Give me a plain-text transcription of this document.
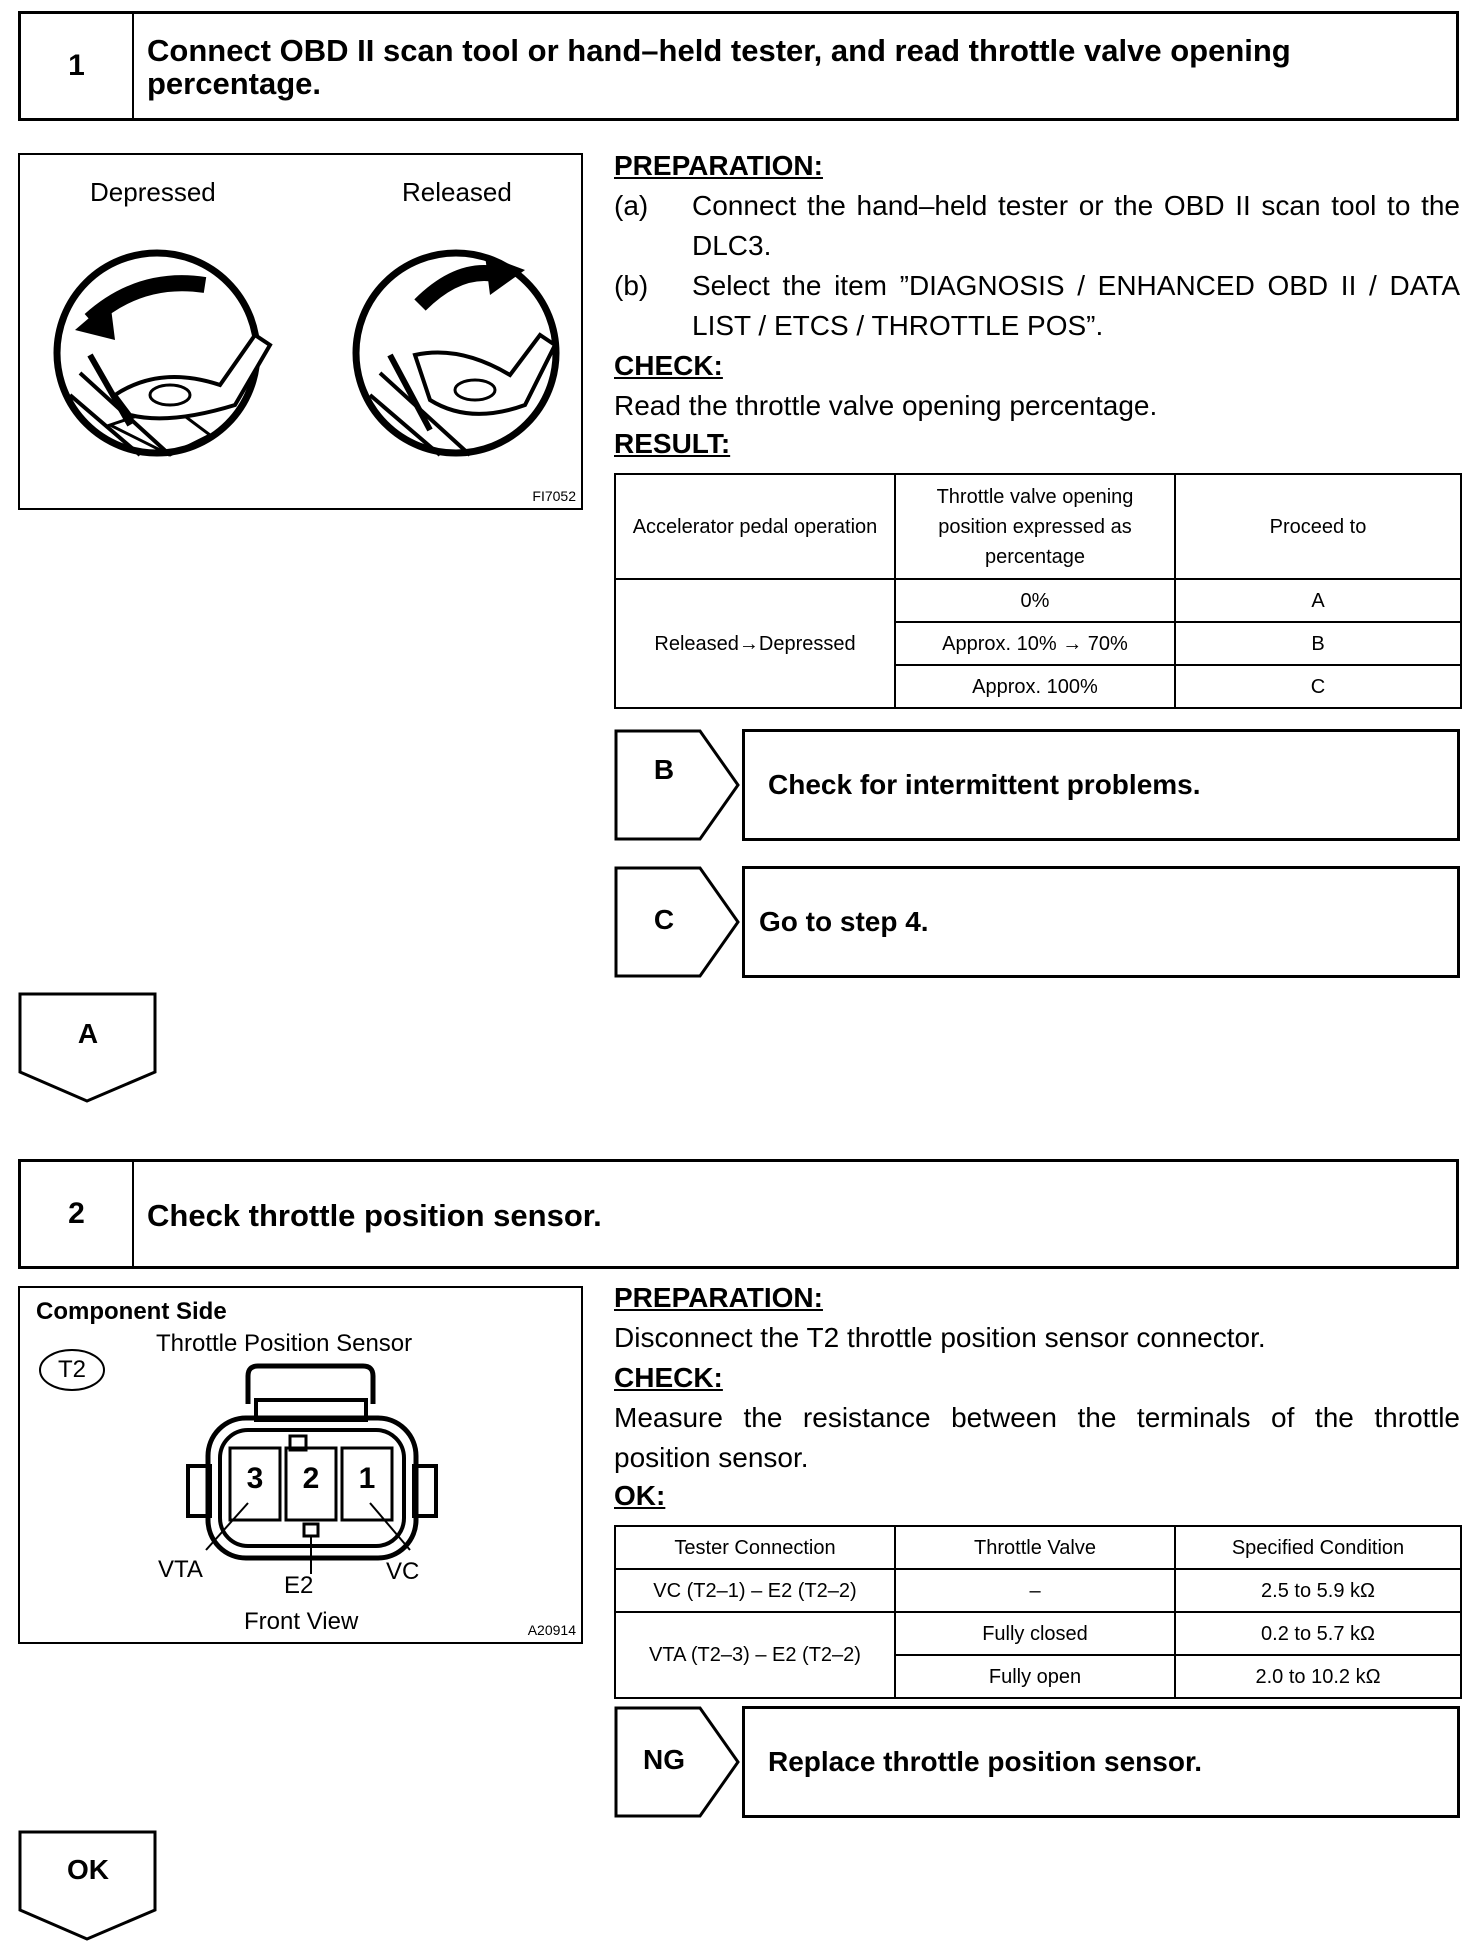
1	Connect OBD II scan tool or hand–held tester, and read throttle valve opening percentage.
Depressed	Released
FI7052
PREPARATION:
(a) Connect the hand–held tester or the OBD II scan tool to the DLC3.
(b) Select the item ”DIAGNOSIS / ENHANCED OBD II / DATA LIST / ETCS / THROTTLE POS”.
CHECK:
Read the throttle valve opening percentage.
RESULT:
Accelerator pedal operation	Throttle valve opening position expressed as percentage	Proceed to
Released→Depressed	0%	A
	Approx. 10% → 70%	B
	Approx. 100%	C
B	Check for intermittent problems.
C	Go to step 4.
A
2	Check throttle position sensor.
Component Side
T2
Throttle Position Sensor
3	2	1
VTA
E2
VC
Front View	A20914
PREPARATION:
Disconnect the T2 throttle position sensor connector.
CHECK:
Measure the resistance between the terminals of the throttle position sensor.
OK:
Tester Connection	Throttle Valve	Specified Condition
VC (T2–1) – E2 (T2–2)	–	2.5 to 5.9 kΩ
VTA (T2–3) – E2 (T2–2)	Fully closed	0.2 to 5.7 kΩ
	Fully open	2.0 to 10.2 kΩ
NG	Replace throttle position sensor.
OK
